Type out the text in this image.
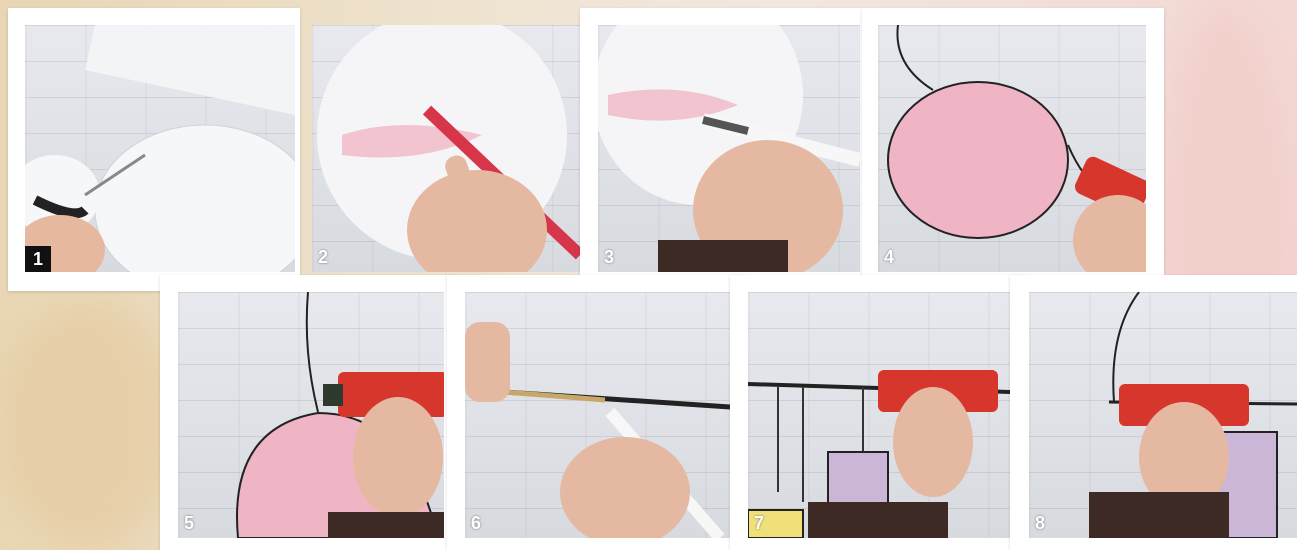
1	2	3	4
5	6	7	8
